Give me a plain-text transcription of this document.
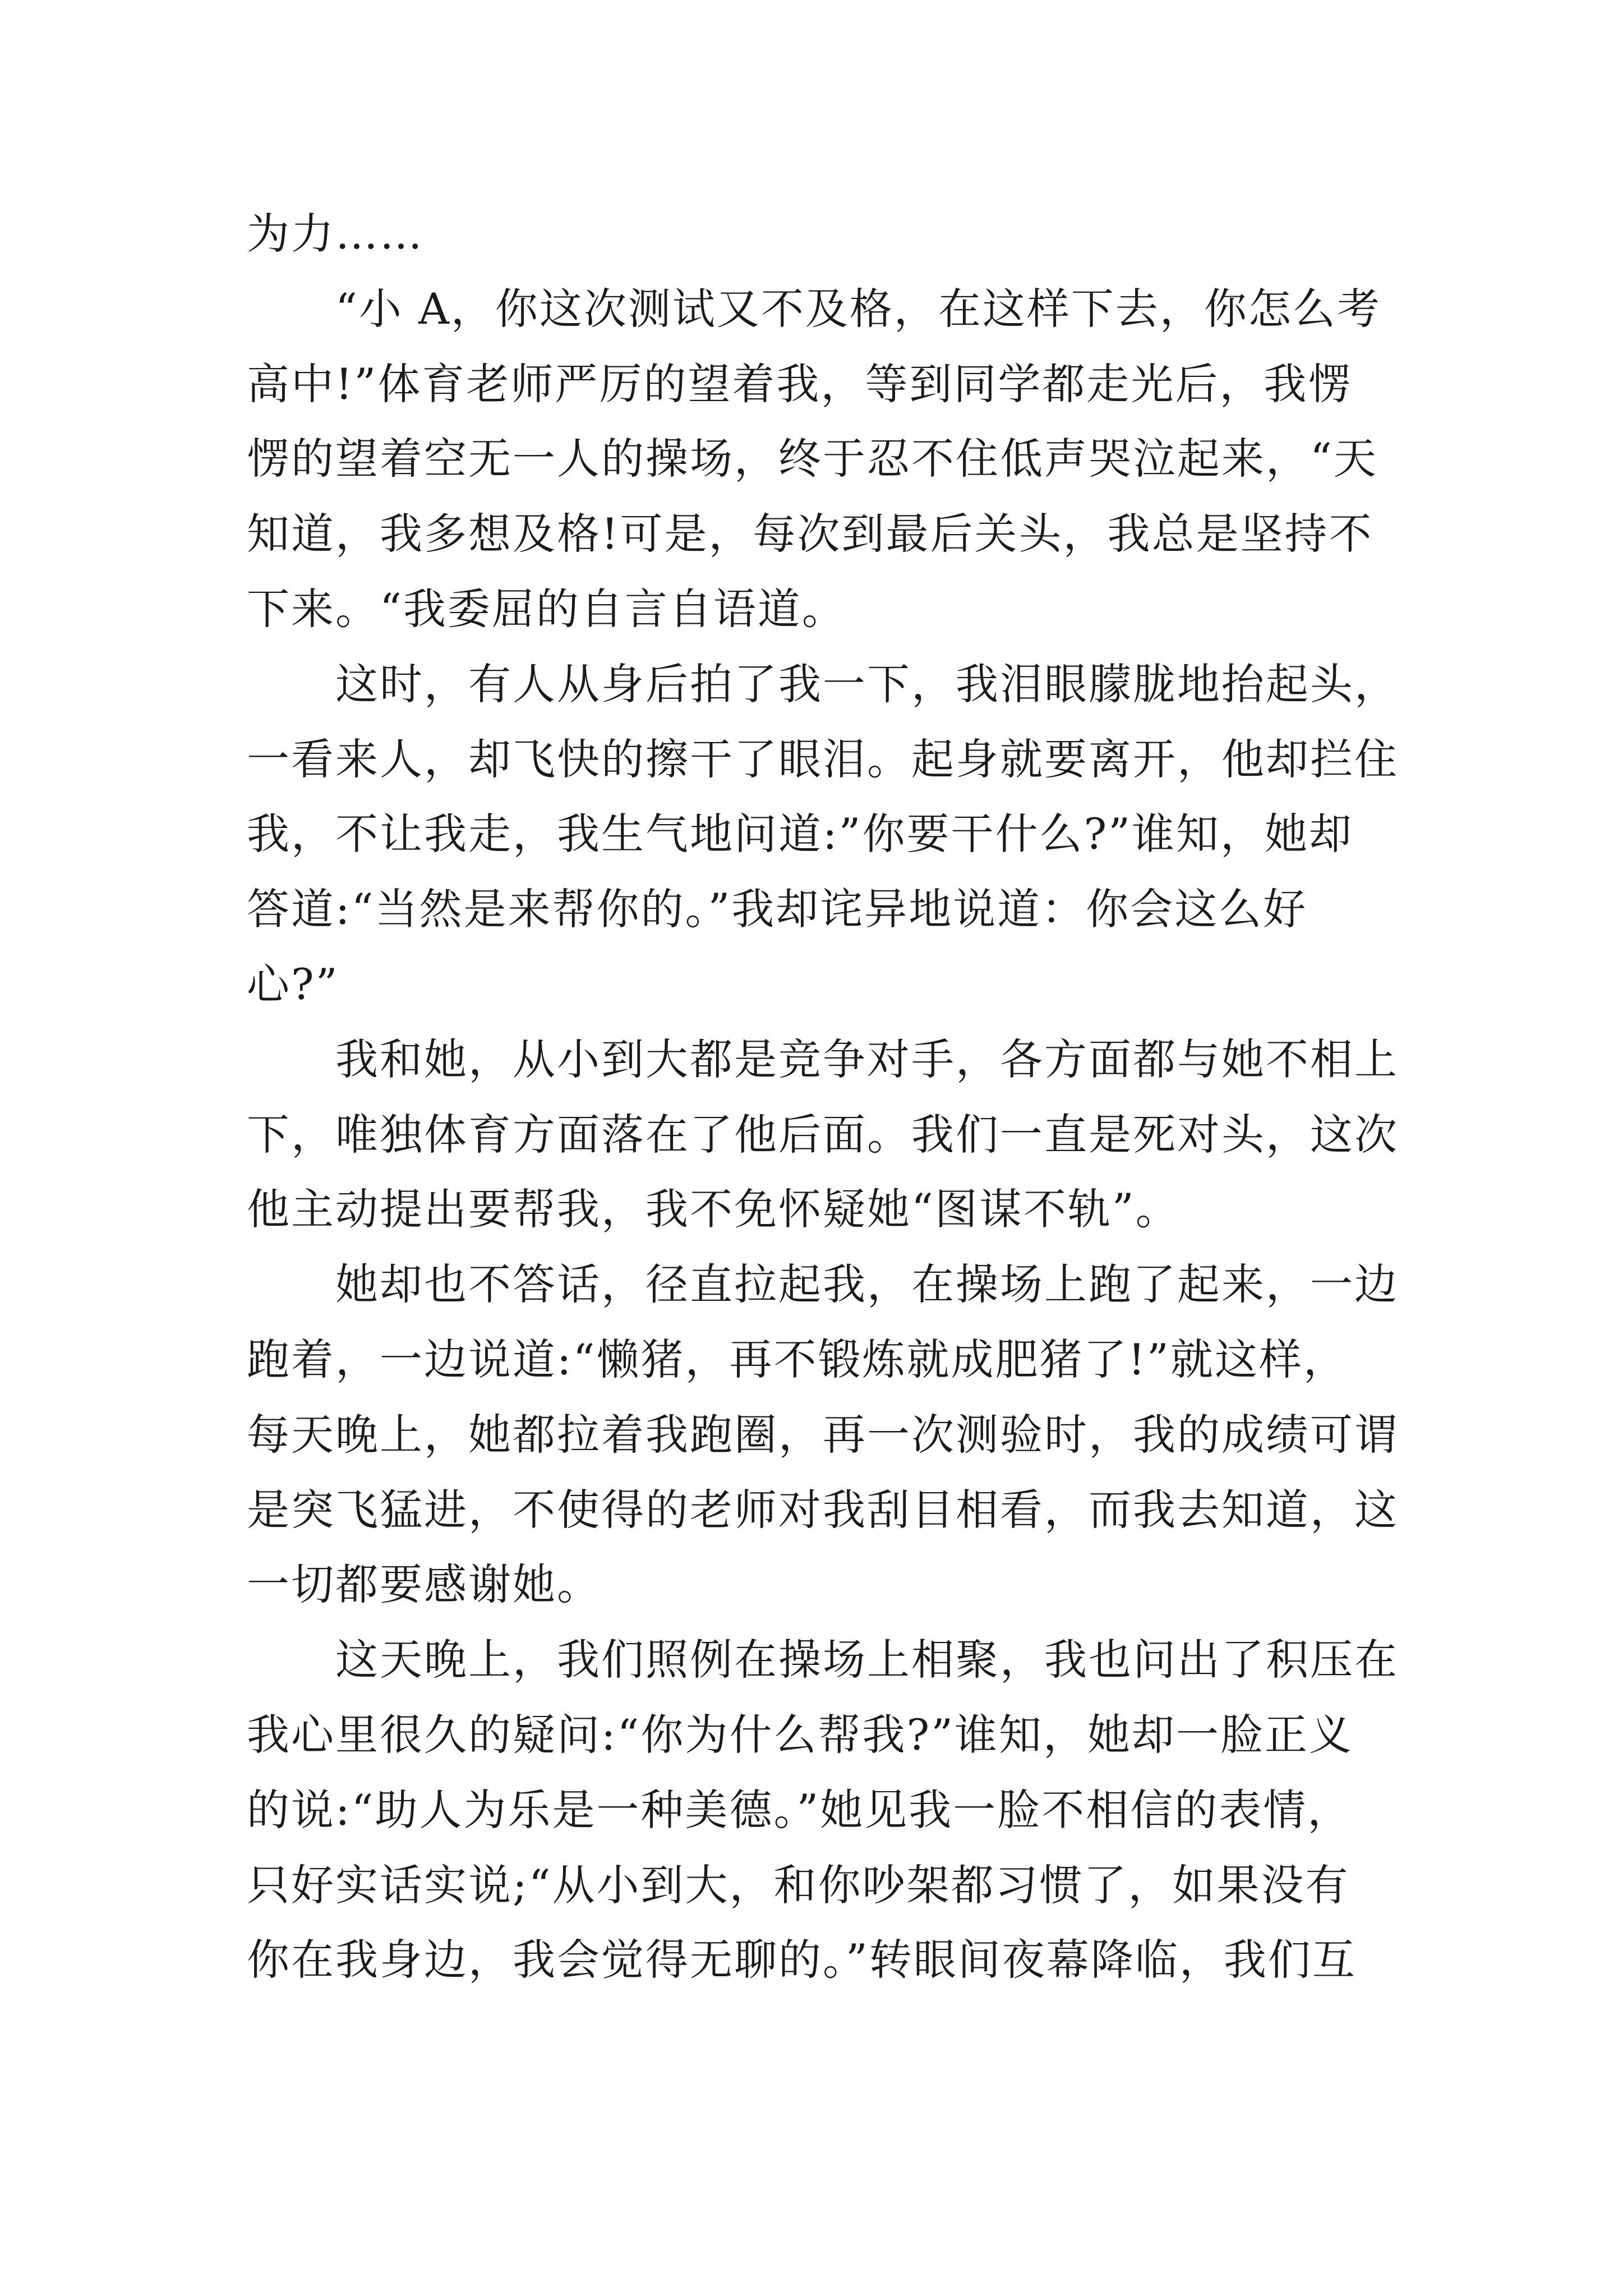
为力……
“小 A，你这次测试又不及格，在这样下去，你怎么考
高中!”体育老师严厉的望着我，等到同学都走光后，我愣
愣的望着空无一人的操场，终于忍不住低声哭泣起来，“天
知道，我多想及格!可是，每次到最后关头，我总是坚持不
下来。“我委屈的自言自语道。
这时，有人从身后拍了我一下，我泪眼朦胧地抬起头，
一看来人，却飞快的擦干了眼泪。起身就要离开，他却拦住
我，不让我走，我生气地问道:”你要干什么?”谁知，她却
答道:“当然是来帮你的。”我却诧异地说道：你会这么好
心?”
我和她，从小到大都是竞争对手，各方面都与她不相上
下，唯独体育方面落在了他后面。我们一直是死对头，这次
他主动提出要帮我，我不免怀疑她“图谋不轨”。
她却也不答话，径直拉起我，在操场上跑了起来，一边
跑着，一边说道:“懒猪，再不锻炼就成肥猪了!”就这样，
每天晚上，她都拉着我跑圈，再一次测验时，我的成绩可谓
是突飞猛进，不使得的老师对我刮目相看，而我去知道，这
一切都要感谢她。
这天晚上，我们照例在操场上相聚，我也问出了积压在
我心里很久的疑问:“你为什么帮我?”谁知，她却一脸正义
的说:“助人为乐是一种美德。”她见我一脸不相信的表情，
只好实话实说;“从小到大，和你吵架都习惯了，如果没有
你在我身边，我会觉得无聊的。”转眼间夜幕降临，我们互
